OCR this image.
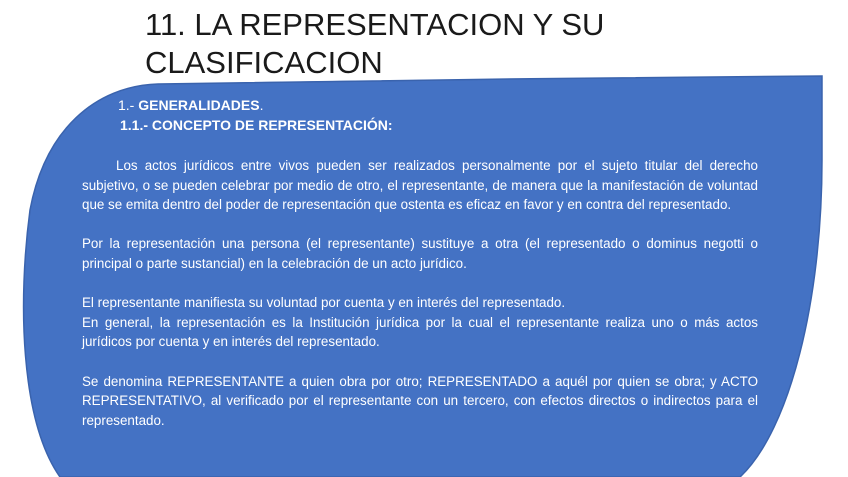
11. LA REPRESENTACION Y SU
CLASIFICACION
1.- GENERALIDADES.
1.1.- CONCEPTO DE REPRESENTACIÓN:

Los actos jurídicos entre vivos pueden ser realizados personalmente por el sujeto titular del derecho subjetivo, o se pueden celebrar por medio de otro, el representante, de manera que la manifestación de voluntad que se emita dentro del poder de representación que ostenta es eficaz en favor y en contra del representado.

Por la representación una persona (el representante) sustituye a otra (el representado o dominus negotti o principal o parte sustancial) en la celebración de un acto jurídico.

El representante manifiesta su voluntad por cuenta y en interés del representado.

En general, la representación es la Institución jurídica por la cual el representante realiza uno o más actos jurídicos por cuenta y en interés del representado.

Se denomina REPRESENTANTE a quien obra por otro; REPRESENTADO a aquél por quien se obra; y ACTO REPRESENTATIVO, al verificado por el representante con un tercero, con efectos directos o indirectos para el representado.
